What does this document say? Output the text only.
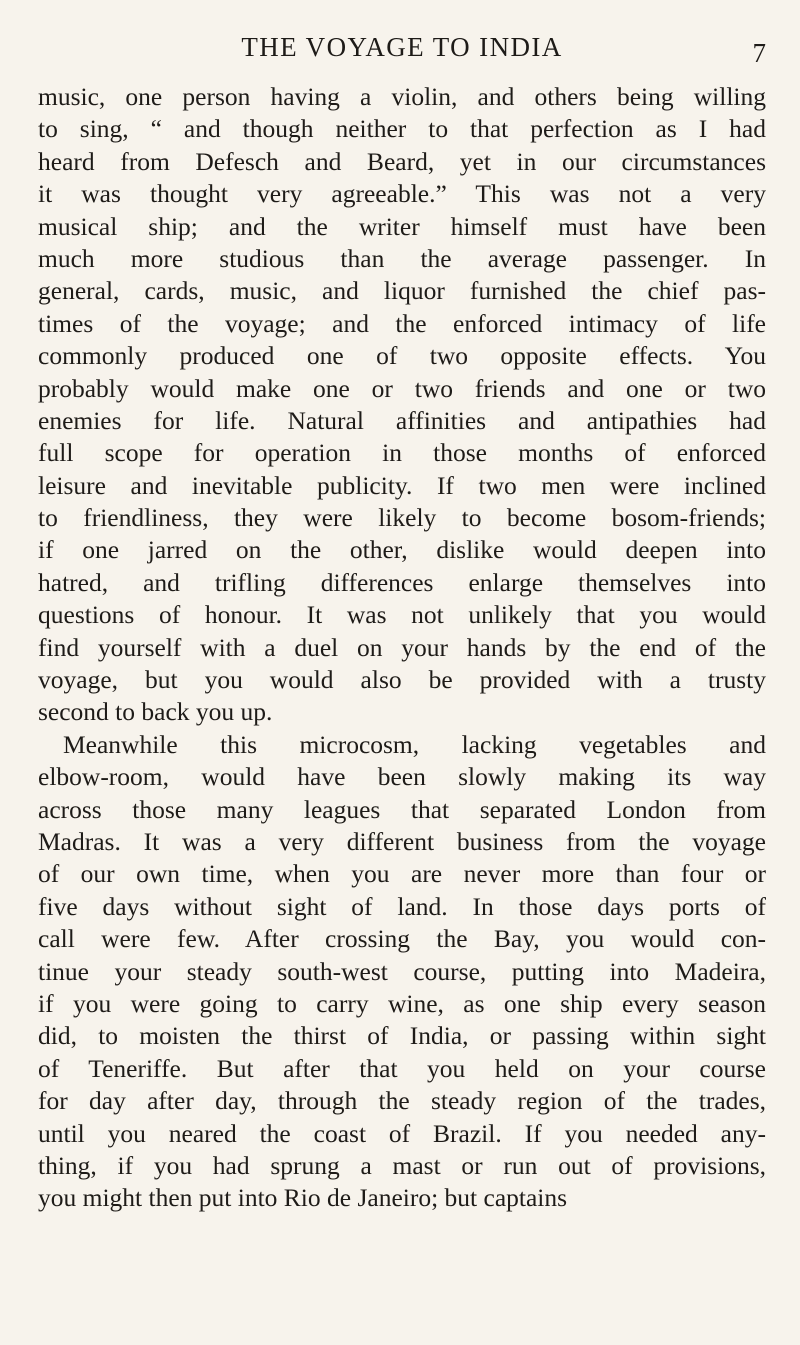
THE VOYAGE TO INDIA	7
music, one person having a violin, and others being willing
to sing, “ and though neither to that perfection as I had
heard from Defesch and Beard, yet in our circumstances
it was thought very agreeable.” This was not a very
musical ship; and the writer himself must have been
much more studious than the average passenger. In
general, cards, music, and liquor furnished the chief pas-
times of the voyage; and the enforced intimacy of life
commonly produced one of two opposite effects. You
probably would make one or two friends and one or two
enemies for life. Natural affinities and antipathies had
full scope for operation in those months of enforced
leisure and inevitable publicity. If two men were inclined
to friendliness, they were likely to become bosom-friends;
if one jarred on the other, dislike would deepen into
hatred, and trifling differences enlarge themselves into
questions of honour. It was not unlikely that you would
find yourself with a duel on your hands by the end of the
voyage, but you would also be provided with a trusty
second to back you up.
Meanwhile this microcosm, lacking vegetables and
elbow-room, would have been slowly making its way
across those many leagues that separated London from
Madras. It was a very different business from the voyage
of our own time, when you are never more than four or
five days without sight of land. In those days ports of
call were few. After crossing the Bay, you would con-
tinue your steady south-west course, putting into Madeira,
if you were going to carry wine, as one ship every season
did, to moisten the thirst of India, or passing within sight
of Teneriffe. But after that you held on your course
for day after day, through the steady region of the trades,
until you neared the coast of Brazil. If you needed any-
thing, if you had sprung a mast or run out of provisions,
you might then put into Rio de Janeiro; but captains
